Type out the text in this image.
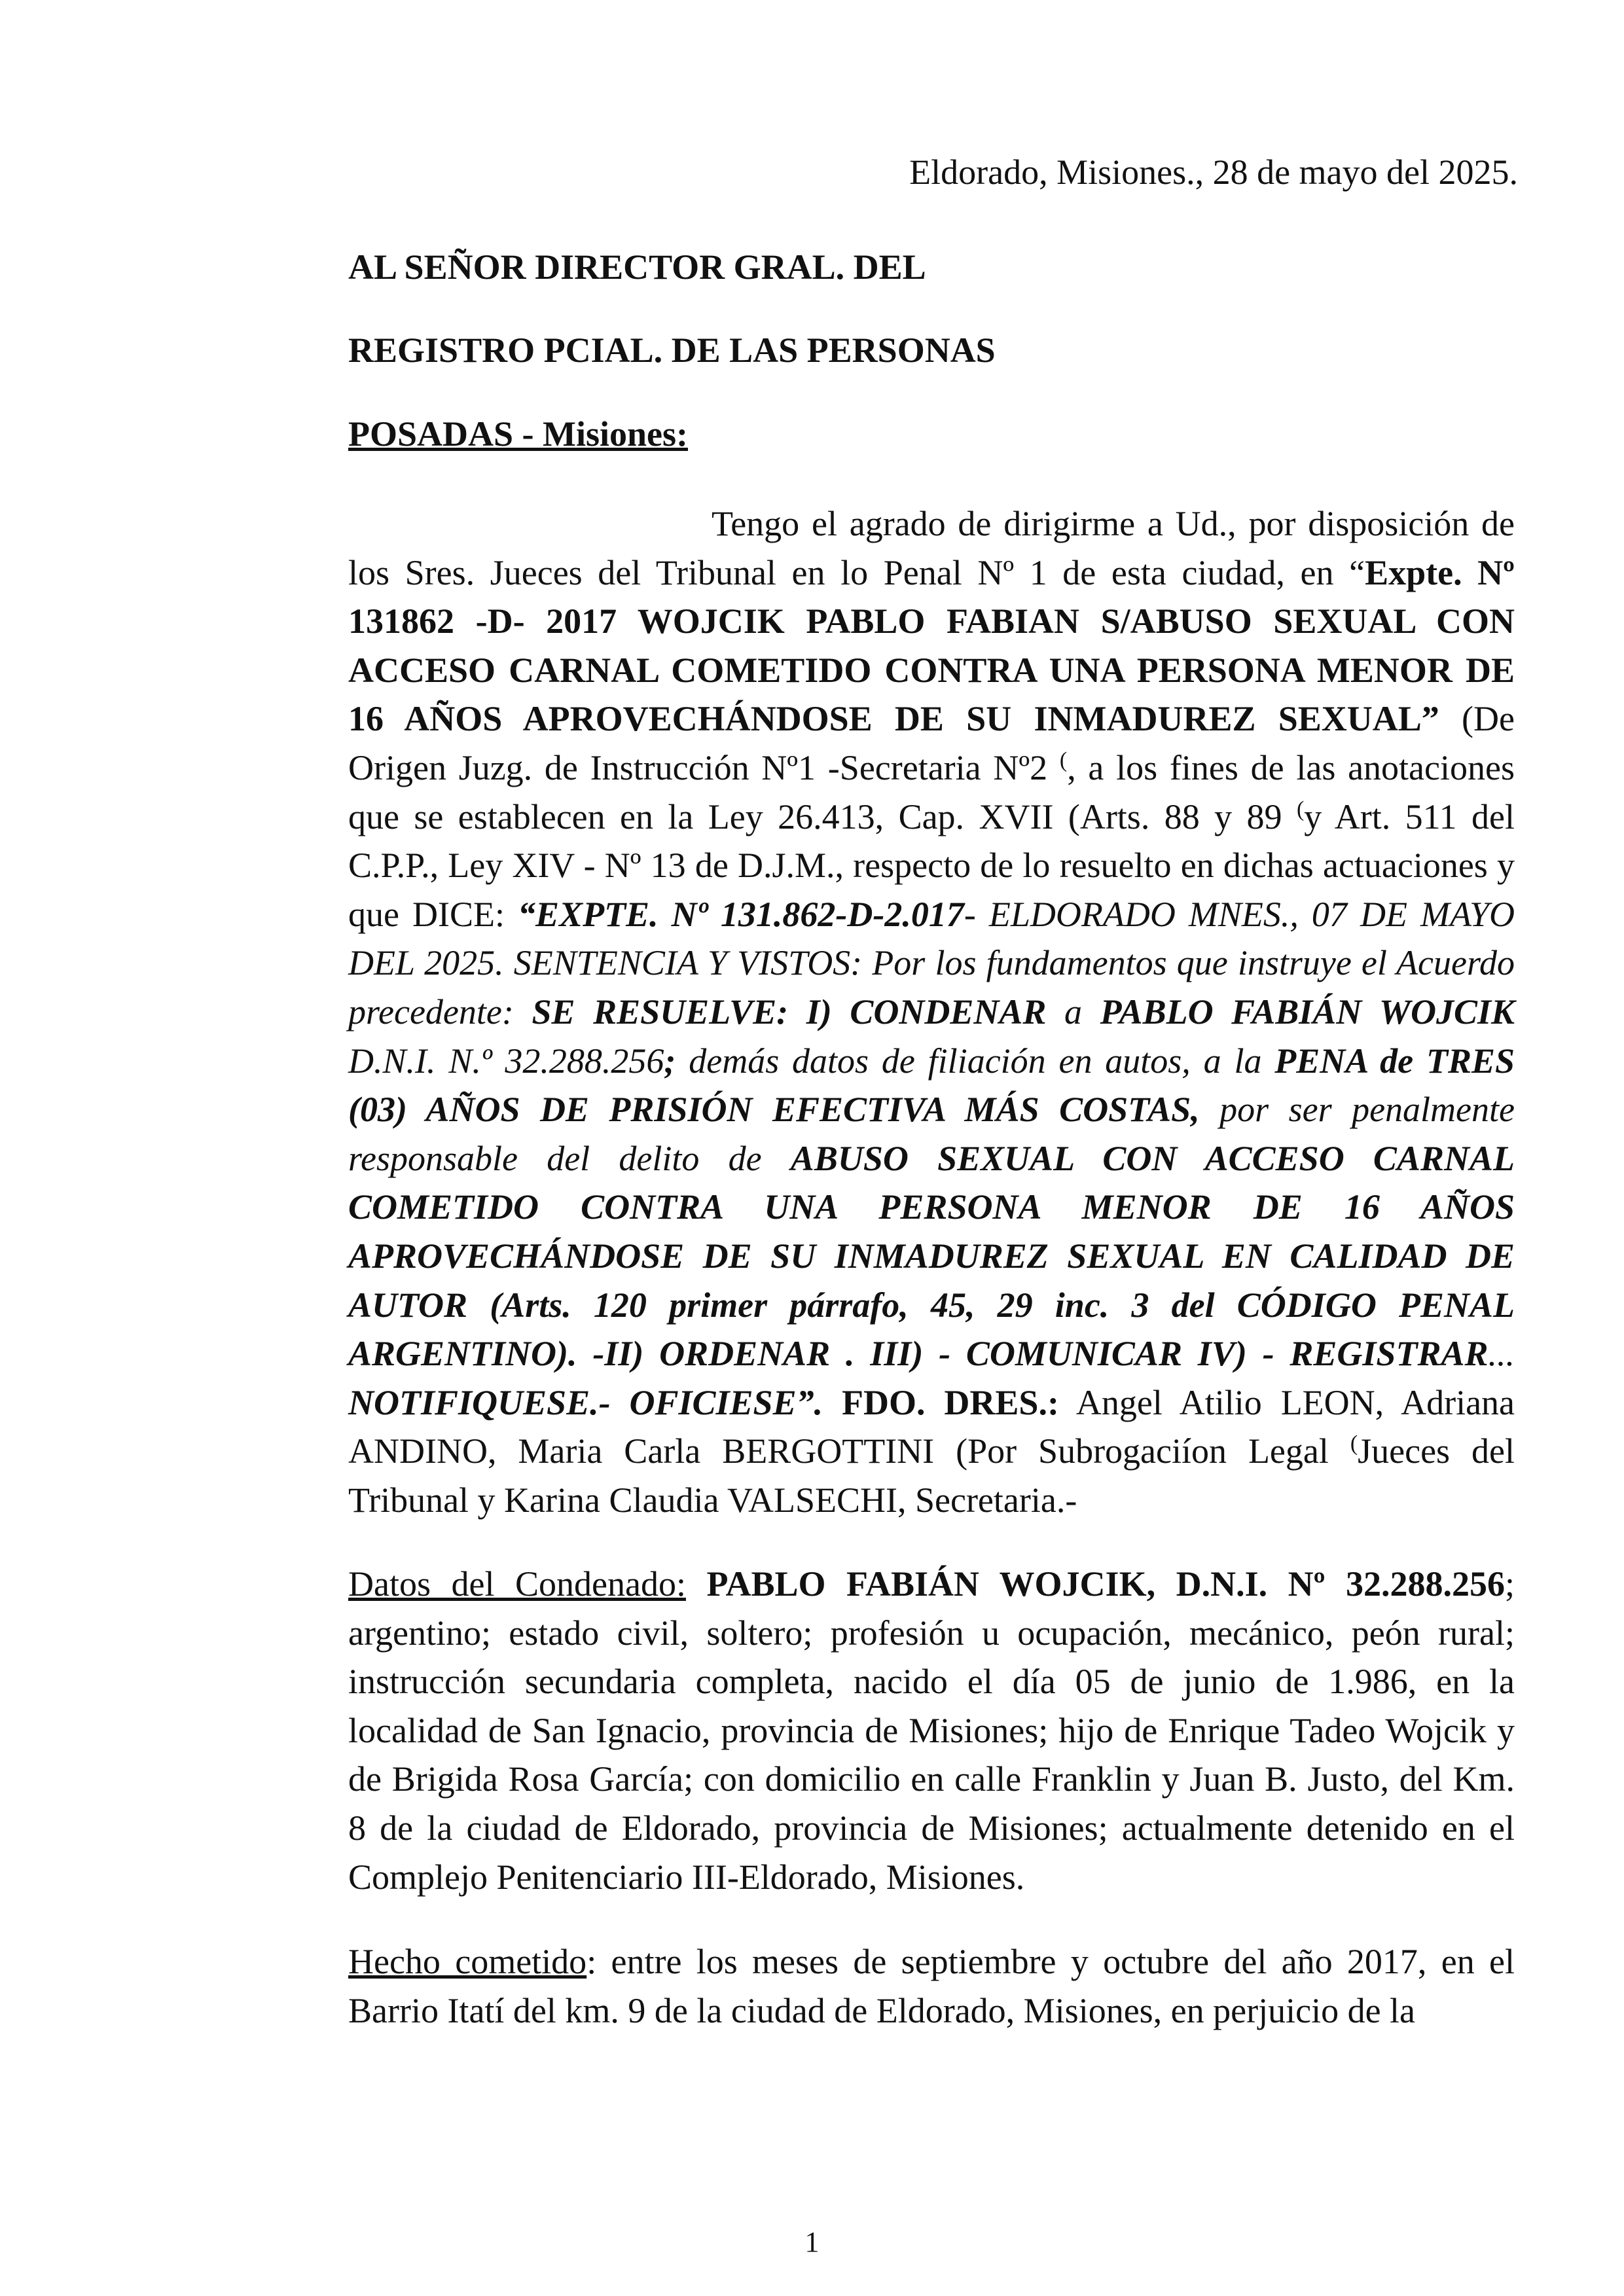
Eldorado, Misiones., 28 de mayo del 2025.
AL SEÑOR DIRECTOR GRAL. DEL
REGISTRO PCIAL. DE LAS PERSONAS
POSADAS - Misiones:

Tengo el agrado de dirigirme a Ud., por disposición de los Sres. Jueces del Tribunal en lo Penal Nº 1 de esta ciudad, en “Expte. Nº 131862 -D- 2017 WOJCIK PABLO FABIAN S/ABUSO SEXUAL CON ACCESO CARNAL COMETIDO CONTRA UNA PERSONA MENOR DE 16 AÑOS APROVECHÁNDOSE DE SU INMADUREZ SEXUAL” (De Origen Juzg. de Instrucción Nº1 -Secretaria Nº2 (, a los fines de las anotaciones que se establecen en la Ley 26.413, Cap. XVII (Arts. 88 y 89 (y Art. 511 del C.P.P., Ley XIV - Nº 13 de D.J.M., respecto de lo resuelto en dichas actuaciones y que DICE: “EXPTE. Nº 131.862-D-2.017- ELDORADO MNES., 07 DE MAYO DEL 2025. SENTENCIA Y VISTOS: Por los fundamentos que instruye el Acuerdo precedente: SE RESUELVE: I) CONDENAR a PABLO FABIÁN WOJCIK D.N.I. N.º 32.288.256; demás datos de filiación en autos, a la PENA de TRES (03) AÑOS DE PRISIÓN EFECTIVA MÁS COSTAS, por ser penalmente responsable del delito de ABUSO SEXUAL CON ACCESO CARNAL COMETIDO CONTRA UNA PERSONA MENOR DE 16 AÑOS APROVECHÁNDOSE DE SU INMADUREZ SEXUAL EN CALIDAD DE AUTOR (Arts. 120 primer párrafo, 45, 29 inc. 3 del CÓDIGO PENAL ARGENTINO). -II) ORDENAR . III) - COMUNICAR IV) - REGISTRAR... NOTIFIQUESE.- OFICIESE”. FDO. DRES.: Angel Atilio LEON, Adriana ANDINO, Maria Carla BERGOTTINI (Por Subrogaciíon Legal (Jueces del Tribunal y Karina Claudia VALSECHI, Secretaria.-

Datos del Condenado: PABLO FABIÁN WOJCIK, D.N.I. Nº 32.288.256; argentino; estado civil, soltero; profesión u ocupación, mecánico, peón rural; instrucción secundaria completa, nacido el día 05 de junio de 1.986, en la localidad de San Ignacio, provincia de Misiones; hijo de Enrique Tadeo Wojcik y de Brigida Rosa García; con domicilio en calle Franklin y Juan B. Justo, del Km. 8 de la ciudad de Eldorado, provincia de Misiones; actualmente detenido en el Complejo Penitenciario III-Eldorado, Misiones.

Hecho cometido: entre los meses de septiembre y octubre del año 2017, en el Barrio Itatí del km. 9 de la ciudad de Eldorado, Misiones, en perjuicio de la

1
